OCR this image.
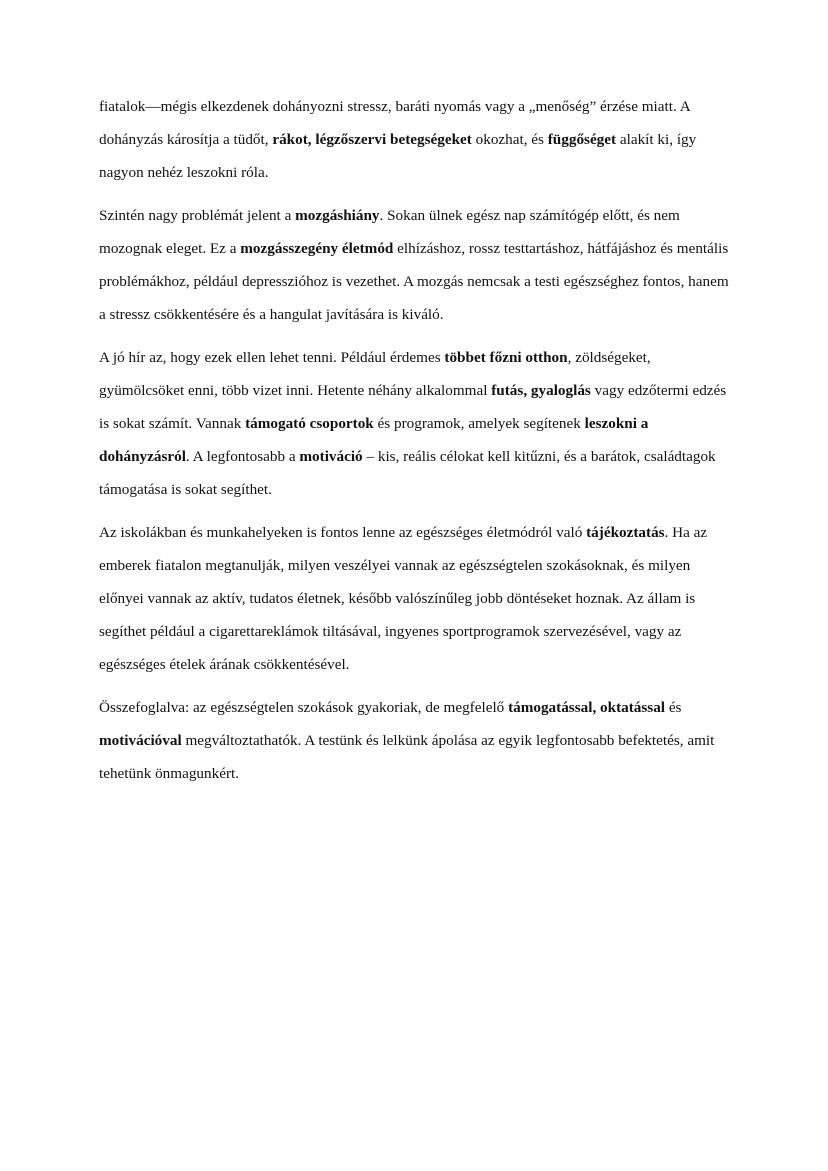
fiatalok—mégis elkezdenek dohányozni stressz, baráti nyomás vagy a „menőség” érzése miatt. A dohányzás károsítja a tüdőt, rákot, légzőszervi betegségeket okozhat, és függőséget alakít ki, így nagyon nehéz leszokni róla.

Szintén nagy problémát jelent a mozgáshiány. Sokan ülnek egész nap számítógép előtt, és nem mozognak eleget. Ez a mozgásszegény életmód elhízáshoz, rossz testtartáshoz, hátfájáshoz és mentális problémákhoz, például depresszióhoz is vezethet. A mozgás nemcsak a testi egészséghez fontos, hanem a stressz csökkentésére és a hangulat javítására is kiváló.

A jó hír az, hogy ezek ellen lehet tenni. Például érdemes többet főzni otthon, zöldségeket, gyümölcsöket enni, több vizet inni. Hetente néhány alkalommal futás, gyaloglás vagy edzőtermi edzés is sokat számít. Vannak támogató csoportok és programok, amelyek segítenek leszokni a dohányzásról. A legfontosabb a motiváció – kis, reális célokat kell kitűzni, és a barátok, családtagok támogatása is sokat segíthet.

Az iskolákban és munkahelyeken is fontos lenne az egészséges életmódról való tájékoztatás. Ha az emberek fiatalon megtanulják, milyen veszélyei vannak az egészségtelen szokásoknak, és milyen előnyei vannak az aktív, tudatos életnek, később valószínűleg jobb döntéseket hoznak. Az állam is segíthet például a cigarettareklámok tiltásával, ingyenes sportprogramok szervezésével, vagy az egészséges ételek árának csökkentésével.

Összefoglalva: az egészségtelen szokások gyakoriak, de megfelelő támogatással, oktatással és motivációval megváltoztathatók. A testünk és lelkünk ápolása az egyik legfontosabb befektetés, amit tehetünk önmagunkért.
